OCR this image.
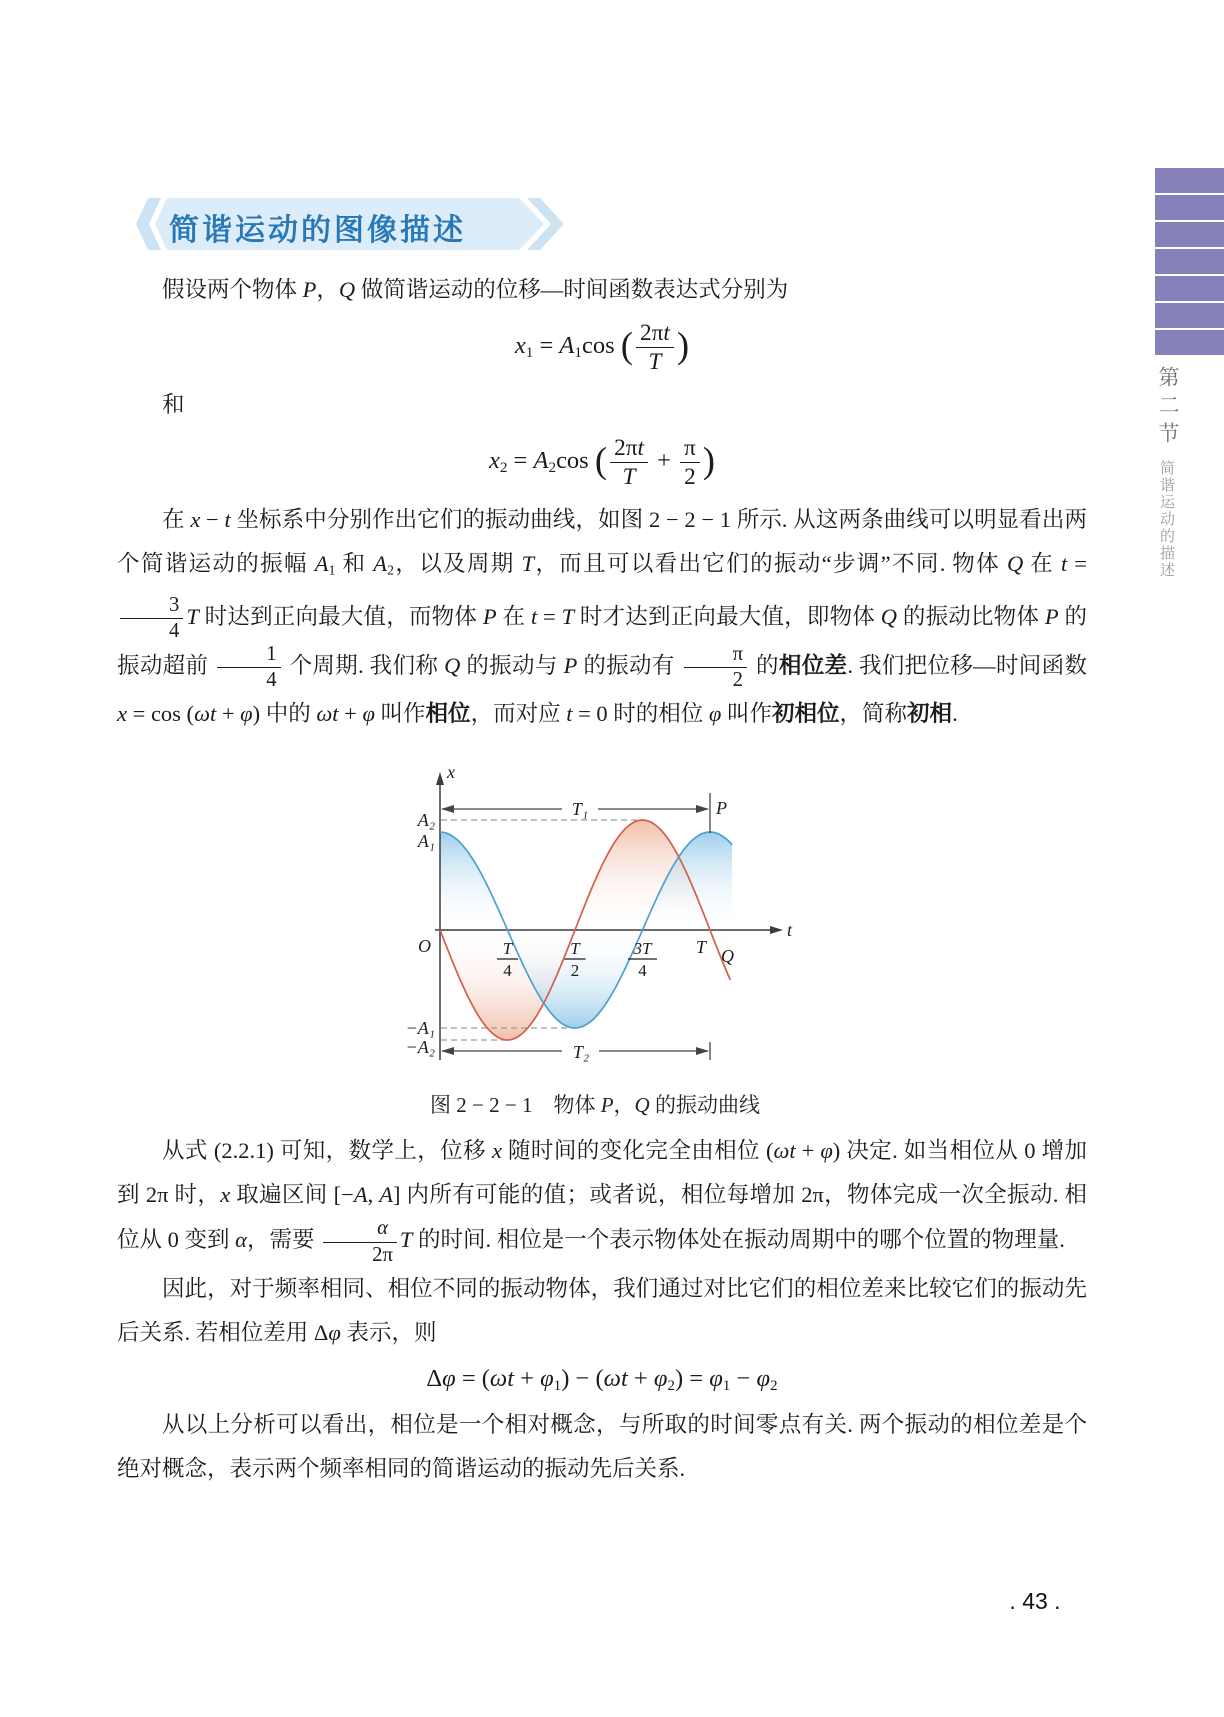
简谐运动的图像描述

假设两个物体 P，Q 做简谐运动的位移—时间函数表达式分别为

$x_1 = A_1\cos$ ( $\frac{2\pi t}{T}$ )

和

$x_2 = A_2\cos$ ( $\frac{2\pi t}{T} + \frac{\pi}{2}$ )

在 x − t 坐标系中分别作出它们的振动曲线，如图 2 − 2 − 1 所示. 从这两条曲线可以明显看出两个简谐运动的振幅 $A_1$ 和 $A_2$，以及周期 T，而且可以看出它们的振动“步调”不同. 物体 Q 在 t =
$\frac{3}{4}$ T 时达到正向最大值，而物体 P 在 t = T 时才达到正向最大值，即物体 Q 的振动比物体 P 的振动超前 $\frac{1}{4}$ 个周期. 我们称 Q 的振动与 P 的振动有 $\frac{\pi}{2}$ 的相位差. 我们把位移—时间函数 x = cos (ωt + φ) 中的 ωt + φ 叫作相位，而对应 t = 0 时的相位 φ 叫作初相位，简称初相.

T₁	P
T₂
x
t
O
A₂
A₁
−A₁
−A₂
T Q
T
4
T
2
3T
4
图 2 − 2 − 1　物体 P，Q 的振动曲线

从式 (2.2.1) 可知，数学上，位移 x 随时间的变化完全由相位 (ωt + φ) 决定. 如当相位从 0 增加到 2π 时，x 取遍区间 [−A, A] 内所有可能的值；或者说，相位每增加 2π，物体完成一次全振动. 相位从 0 变到 α，需要 $\frac{\alpha}{2\pi}$ T 的时间. 相位是一个表示物体处在振动周期中的哪个位置的物理量.

因此，对于频率相同、相位不同的振动物体，我们通过对比它们的相位差来比较它们的振动先后关系. 若相位差用 Δφ 表示，则

$\Delta\varphi = (\omega t + \varphi_1) - (\omega t + \varphi_2) = \varphi_1 - \varphi_2$

从以上分析可以看出，相位是一个相对概念，与所取的时间零点有关. 两个振动的相位差是个绝对概念，表示两个频率相同的简谐运动的振动先后关系.

第二节
简谐运动的描述
. 43 .
